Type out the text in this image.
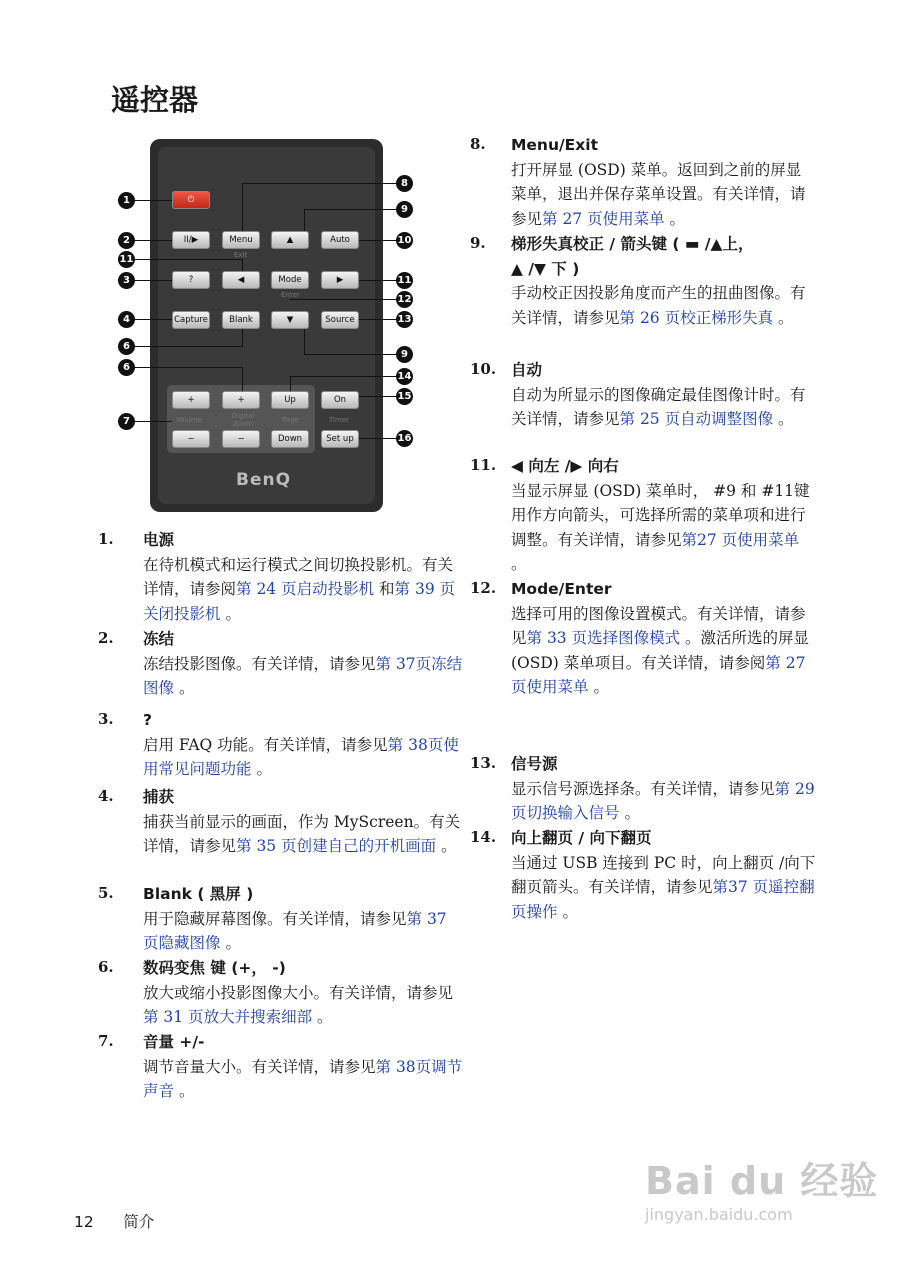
遥控器
⏻
II/▶	Menu
Exit
▲	Auto
?	◀	Mode
Enter
▶
Capture	Blank	▼	Source
+	+	Up	On
Volume	Digital Zoom	Page	Timer
−	−	Down	Set up
BenQ
1
8
9
2	10
11
3	11
12
4	13
6
9
6
14
15
7
16
1. 电源
在待机模式和运行模式之间切换投影机。有关详情，请参阅第 24 页启动投影机 和第 39 页关闭投影机 。
2. 冻结
冻结投影图像。有关详情，请参见第 37页冻结图像 。
3. ?
启用 FAQ 功能。有关详情，请参见第 38页使用常见问题功能 。
4. 捕获
捕获当前显示的画面，作为 MyScreen。有关详情，请参见第 35 页创建自己的开机画面 。
5. Blank ( 黑屏 )
用于隐藏屏幕图像。有关详情，请参见第 37 页隐藏图像 。
6. 数码变焦 键 (+， -)
放大或缩小投影图像大小。有关详情，请参见第 31 页放大并搜索细部 。
7. 音量 +/-
调节音量大小。有关详情，请参见第 38页调节声音 。
8. Menu/Exit
打开屏显 (OSD) 菜单。返回到之前的屏显菜单，退出并保存菜单设置。有关详情，请参见第 27 页使用菜单 。
9. 梯形失真校正 / 箭头键 ( ▬ /▲上，
▲ /▼ 下 )
手动校正因投影角度而产生的扭曲图像。有关详情，请参见第 26 页校正梯形失真 。
10. 自动
自动为所显示的图像确定最佳图像计时。有关详情，请参见第 25 页自动调整图像 。
11. ◀ 向左 /▶ 向右
当显示屏显 (OSD) 菜单时， #9 和 #11键用作方向箭头，可选择所需的菜单项和进行调整。有关详情，请参见第27 页使用菜单 。
12. Mode/Enter
选择可用的图像设置模式。有关详情，请参见第 33 页选择图像模式 。激活所选的屏显(OSD) 菜单项目。有关详情，请参阅第 27 页使用菜单 。
13. 信号源
显示信号源选择条。有关详情，请参见第 29 页切换输入信号 。
14. 向上翻页 / 向下翻页
当通过 USB 连接到 PC 时，向上翻页 /向下翻页箭头。有关详情，请参见第37 页遥控翻页操作 。
12 简介
Bai du 经验
jingyan.baidu.com
